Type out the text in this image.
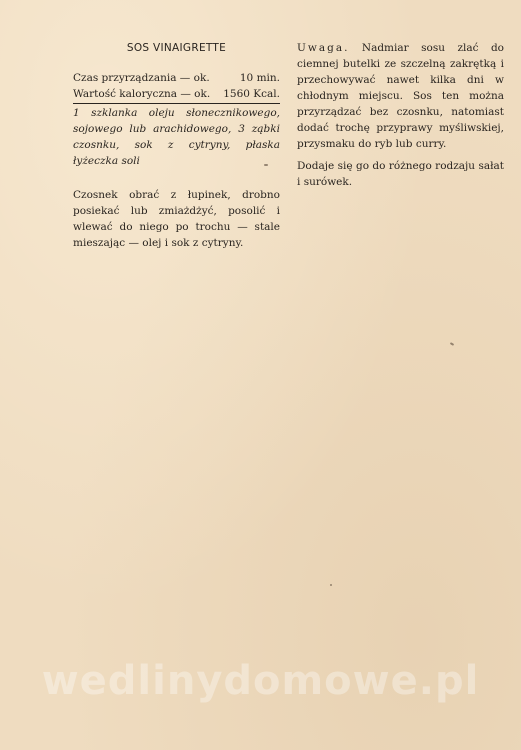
SOS VINAIGRETTE
Czas przyrządzania — ok.	10 min.
Wartość kaloryczna — ok. 1560 Kcal.

1 szklanka oleju słonecznikowego, sojowego lub arachidowego, 3 ząbki czosnku, sok z cytryny, płaska łyżeczka soli

Czosnek obrać z łupinek, drobno posiekać lub zmiażdżyć, posolić i wlewać do niego po trochu — stale mieszając — olej i sok z cytryny.

Uwaga. Nadmiar sosu zlać do ciemnej butelki ze szczelną zakrętką i przechowywać nawet kilka dni w chłodnym miejscu. Sos ten można przyrządzać bez czosnku, natomiast dodać trochę przyprawy myśliwskiej, przysmaku do ryb lub curry.

Dodaje się go do różnego rodzaju sałat i surówek.

wedlinydomowe.pl
